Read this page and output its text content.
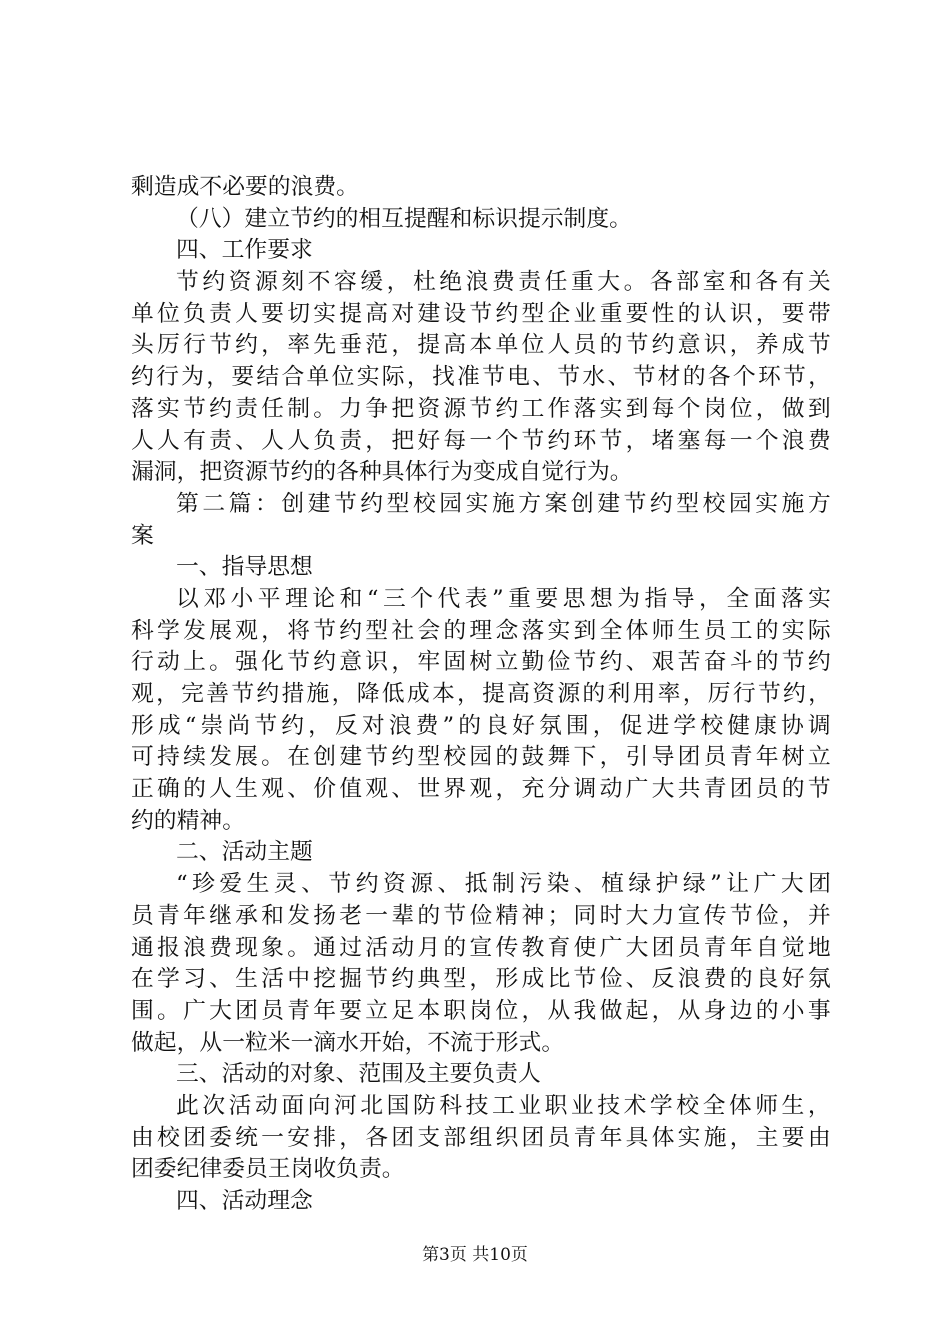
剩造成不必要的浪费。
（八）建立节约的相互提醒和标识提示制度。
四、工作要求
节 约 资 源 刻 不 容 缓 ， 杜 绝 浪 费 责 任 重 大 。 各 部 室 和 各 有 关
单 位 负 责 人 要 切 实 提 高 对 建 设 节 约 型 企 业 重 要 性 的 认 识 ， 要 带
头 厉 行 节 约 ， 率 先 垂 范 ， 提 高 本 单 位 人 员 的 节 约 意 识 ， 养 成 节
约 行 为 ， 要 结 合 单 位 实 际 ， 找 准 节 电 、 节 水 、 节 材 的 各 个 环 节 ，
落 实 节 约 责 任 制 。 力 争 把 资 源 节 约 工 作 落 实 到 每 个 岗 位 ， 做 到
人 人 有 责 、 人 人 负 责 ， 把 好 每 一 个 节 约 环 节 ， 堵 塞 每 一 个 浪 费
漏洞，把资源节约的各种具体行为变成自觉行为。
第 二 篇 ： 创 建 节 约 型 校 园 实 施 方 案 创 建 节 约 型 校 园 实 施 方
案
一、指导思想
以 邓 小 平 理 论 和 “ 三 个 代 表 ” 重 要 思 想 为 指 导 ， 全 面 落 实
科 学 发 展 观 ， 将 节 约 型 社 会 的 理 念 落 实 到 全 体 师 生 员 工 的 实 际
行 动 上 。 强 化 节 约 意 识 ， 牢 固 树 立 勤 俭 节 约 、 艰 苦 奋 斗 的 节 约
观 ， 完 善 节 约 措 施 ， 降 低 成 本 ， 提 高 资 源 的 利 用 率 ， 厉 行 节 约 ，
形 成 “ 崇 尚 节 约 ， 反 对 浪 费 ” 的 良 好 氛 围 ， 促 进 学 校 健 康 协 调
可 持 续 发 展 。 在 创 建 节 约 型 校 园 的 鼓 舞 下 ， 引 导 团 员 青 年 树 立
正 确 的 人 生 观 、 价 值 观 、 世 界 观 ， 充 分 调 动 广 大 共 青 团 员 的 节
约的精神。
二、活动主题
“ 珍 爱 生 灵 、 节 约 资 源 、 抵 制 污 染 、 植 绿 护 绿 ” 让 广 大 团
员 青 年 继 承 和 发 扬 老 一 辈 的 节 俭 精 神 ； 同 时 大 力 宣 传 节 俭 ， 并
通 报 浪 费 现 象 。 通 过 活 动 月 的 宣 传 教 育 使 广 大 团 员 青 年 自 觉 地
在 学 习 、 生 活 中 挖 掘 节 约 典 型 ， 形 成 比 节 俭 、 反 浪 费 的 良 好 氛
围 。 广 大 团 员 青 年 要 立 足 本 职 岗 位 ， 从 我 做 起 ， 从 身 边 的 小 事
做起，从一粒米一滴水开始，不流于形式。
三、活动的对象、范围及主要负责人
此 次 活 动 面 向 河 北 国 防 科 技 工 业 职 业 技 术 学 校 全 体 师 生 ，
由 校 团 委 统 一 安 排 ， 各 团 支 部 组 织 团 员 青 年 具 体 实 施 ， 主 要 由
团委纪律委员王岗收负责。
四、活动理念
第3页 共10页
